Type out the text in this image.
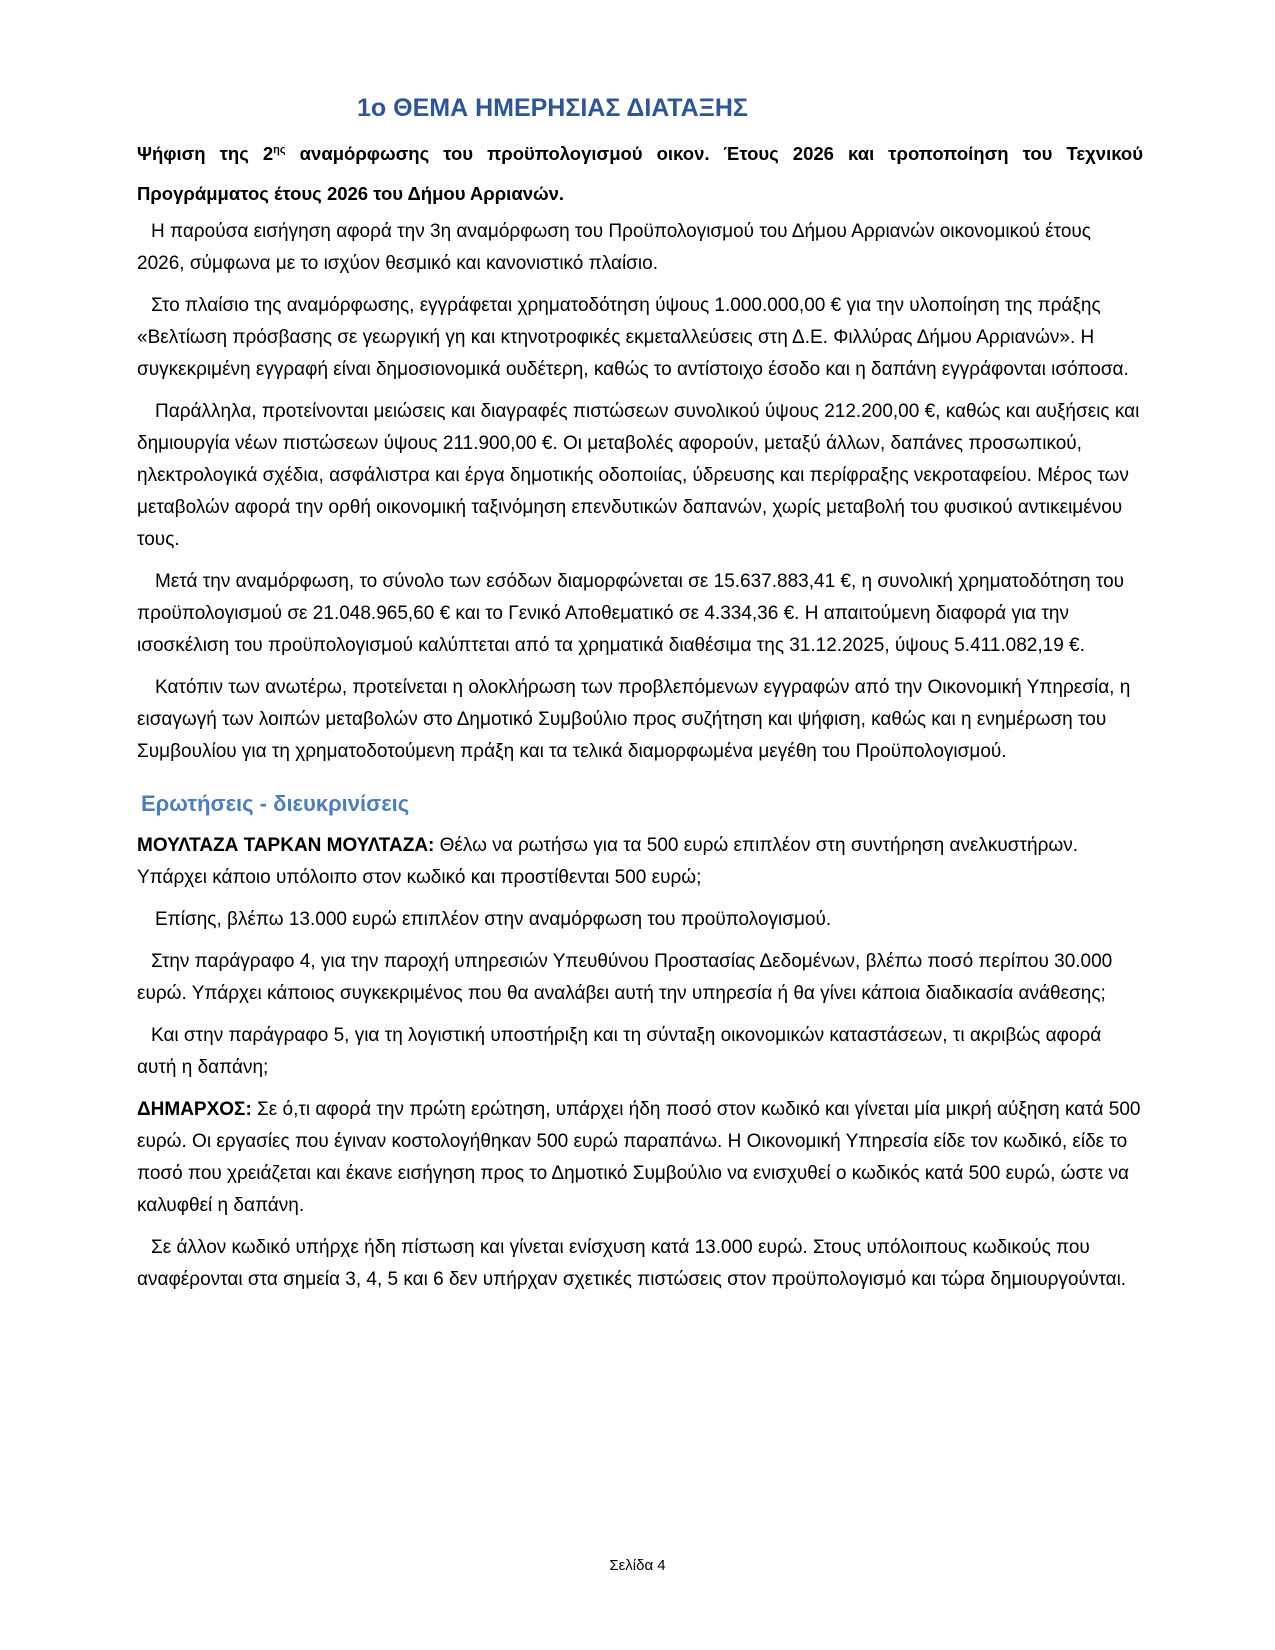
1ο ΘΕΜΑ ΗΜΕΡΗΣΙΑΣ ΔΙΑΤΑΞΗΣ
Ψήφιση της $2^{\eta\varsigma}$ αναμόρφωσης του προϋπολογισμού οικον. Έτους 2026 και τροποποίηση του Τεχνικού Προγράμματος έτους 2026 του Δήμου Αρριανών.

Η παρούσα εισήγηση αφορά την 3η αναμόρφωση του Προϋπολογισμού του Δήμου Αρριανών οικονομικού έτους 2026, σύμφωνα με το ισχύον θεσμικό και κανονιστικό πλαίσιο.

Στο πλαίσιο της αναμόρφωσης, εγγράφεται χρηματοδότηση ύψους 1.000.000,00 € για την υλοποίηση της πράξης «Βελτίωση πρόσβασης σε γεωργική γη και κτηνοτροφικές εκμεταλλεύσεις στη Δ.Ε. Φιλλύρας Δήμου Αρριανών». Η συγκεκριμένη εγγραφή είναι δημοσιονομικά ουδέτερη, καθώς το αντίστοιχο έσοδο και η δαπάνη εγγράφονται ισόποσα.

Παράλληλα, προτείνονται μειώσεις και διαγραφές πιστώσεων συνολικού ύψους 212.200,00 €, καθώς και αυξήσεις και δημιουργία νέων πιστώσεων ύψους 211.900,00 €. Οι μεταβολές αφορούν, μεταξύ άλλων, δαπάνες προσωπικού, ηλεκτρολογικά σχέδια, ασφάλιστρα και έργα δημοτικής οδοποιίας, ύδρευσης και περίφραξης νεκροταφείου. Μέρος των μεταβολών αφορά την ορθή οικονομική ταξινόμηση επενδυτικών δαπανών, χωρίς μεταβολή του φυσικού αντικειμένου τους.

Μετά την αναμόρφωση, το σύνολο των εσόδων διαμορφώνεται σε 15.637.883,41 €, η συνολική χρηματοδότηση του προϋπολογισμού σε 21.048.965,60 € και το Γενικό Αποθεματικό σε 4.334,36 €. Η απαιτούμενη διαφορά για την ισοσκέλιση του προϋπολογισμού καλύπτεται από τα χρηματικά διαθέσιμα της 31.12.2025, ύψους 5.411.082,19 €.

Κατόπιν των ανωτέρω, προτείνεται η ολοκλήρωση των προβλεπόμενων εγγραφών από την Οικονομική Υπηρεσία, η εισαγωγή των λοιπών μεταβολών στο Δημοτικό Συμβούλιο προς συζήτηση και ψήφιση, καθώς και η ενημέρωση του Συμβουλίου για τη χρηματοδοτούμενη πράξη και τα τελικά διαμορφωμένα μεγέθη του Προϋπολογισμού.

Ερωτήσεις - διευκρινίσεις

ΜΟΥΛΤΑΖΑ ΤΑΡΚΑΝ ΜΟΥΛΤΑΖΑ: Θέλω να ρωτήσω για τα 500 ευρώ επιπλέον στη συντήρηση ανελκυστήρων. Υπάρχει κάποιο υπόλοιπο στον κωδικό και προστίθενται 500 ευρώ;

Επίσης, βλέπω 13.000 ευρώ επιπλέον στην αναμόρφωση του προϋπολογισμού.

Στην παράγραφο 4, για την παροχή υπηρεσιών Υπευθύνου Προστασίας Δεδομένων, βλέπω ποσό περίπου 30.000 ευρώ. Υπάρχει κάποιος συγκεκριμένος που θα αναλάβει αυτή την υπηρεσία ή θα γίνει κάποια διαδικασία ανάθεσης;

Και στην παράγραφο 5, για τη λογιστική υποστήριξη και τη σύνταξη οικονομικών καταστάσεων, τι ακριβώς αφορά αυτή η δαπάνη;

ΔΗΜΑΡΧΟΣ: Σε ό,τι αφορά την πρώτη ερώτηση, υπάρχει ήδη ποσό στον κωδικό και γίνεται μία μικρή αύξηση κατά 500 ευρώ. Οι εργασίες που έγιναν κοστολογήθηκαν 500 ευρώ παραπάνω. Η Οικονομική Υπηρεσία είδε τον κωδικό, είδε το ποσό που χρειάζεται και έκανε εισήγηση προς το Δημοτικό Συμβούλιο να ενισχυθεί ο κωδικός κατά 500 ευρώ, ώστε να καλυφθεί η δαπάνη.

Σε άλλον κωδικό υπήρχε ήδη πίστωση και γίνεται ενίσχυση κατά 13.000 ευρώ. Στους υπόλοιπους κωδικούς που αναφέρονται στα σημεία 3, 4, 5 και 6 δεν υπήρχαν σχετικές πιστώσεις στον προϋπολογισμό και τώρα δημιουργούνται.

Σελίδα 4
